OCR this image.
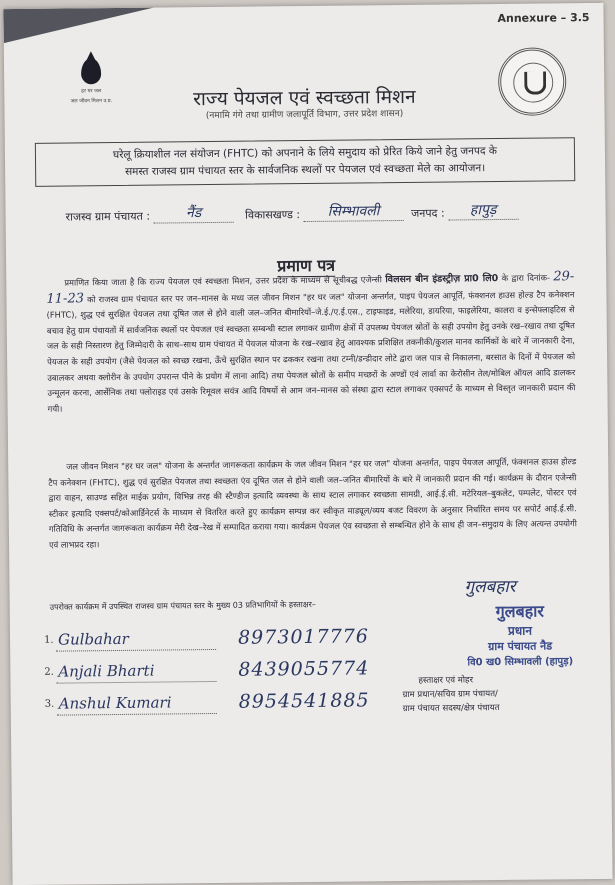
Annexure – 3.5
हर घर जल
जल जीवन मिशन उ.प्र.	राज्य पेयजल एवं स्वच्छता मिशन
(नमामि गंगे तथा ग्रामीण जलापूर्ति विभाग, उत्तर प्रदेश शासन)
घरेलू क्रियाशील नल संयोजन (FHTC) को अपनाने के लिये समुदाय को प्रेरित किये जाने हेतु जनपद के
समस्त राजस्व ग्राम पंचायत स्तर के सार्वजनिक स्थलों पर पेयजल एवं स्वच्छता मेले का आयोजन।
राजस्व ग्राम पंचायत :	नैंड	विकासखण्ड : सिम्भावली	जनपद : हापुड़
प्रमाण पत्र
प्रमाणित किया जाता है कि राज्य पेयजल एवं स्वच्छता मिशन, उत्तर प्रदेश के माध्यम से सूचीबद्ध एजेन्सी विलसन बीन इंडस्ट्रीज़ प्रा0 लि0 के द्वारा दिनांक- 29-11-23 को राजस्व ग्राम पंचायत स्तर पर जन–मानस के मध्य जल जीवन मिशन "हर घर जल" योजना अन्तर्गत, पाइप पेयजल आपूर्ति, फंक्शनल हाउस होल्ड टैप कनेक्शन (FHTC), शुद्ध एवं सुरक्षित पेयजल तथा दूषित जल से होने वाली जल–जनित बीमारियों–जे.ई./ए.ई.एस., टाइफाइड, मलेरिया, डायरिया, फाइलेरिया, कालरा व इन्सेफ्लाइटिस से बचाव हेतु ग्राम पंचायतों में सार्वजनिक स्थलों पर पेयजल एवं स्वच्छता सम्बन्धी स्टाल लगाकर ग्रामीण क्षेत्रों में उपलब्ध पेयजल स्रोतों के सही उपयोग हेतु उनके रख–रखाव तथा दूषित जल के सही निस्तारण हेतु जिम्मेदारी के साथ–साथ ग्राम पंचायत में पेयजल योजना के रख–रखाव हेतु आवश्यक प्रशिक्षित तकनीकी/कुशल मानव कार्मिकों के बारे में जानकारी देना, पेयजल के सही उपयोग (जैसे पेयजल को स्वच्छ रखना, ऊँचे सुरक्षित स्थान पर ढककर रखना तथा टम्नी/डन्डीदार लोटे द्वारा जल पात्र से निकालना, बरसात के दिनों में पेयजल को उबालकर अथवा क्लोरीन के उपयोग उपरान्त पीने के प्रयोग में लाना आदि) तथा पेयजल स्रोतों के समीप मच्छरों के अण्डों एवं लार्वा का केरोसीन तेल/मोबिल ऑयल आदि डालकर उन्मूलन करना, आर्सेनिक तथा फ्लोराइड एवं उसके रिमूवल सयंत्र आदि विषयों से आम जन–मानस को संस्था द्वारा स्टाल लगाकर एक्सपर्ट के माध्यम से विस्तृत जानकारी प्रदान की गयी।
जल जीवन मिशन "हर घर जल" योजना के अन्तर्गत जागरूकता कार्यक्रम के जल जीवन मिशन "हर घर जल" योजना अन्तर्गत, पाइप पेयजल आपूर्ति, फंक्शनल हाउस होल्ड टैप कनेक्शन (FHTC), शुद्ध एवं सुरक्षित पेयजल तथा स्वच्छता एंव दूषित जल से होने वाली जल–जनित बीमारियों के बारे में जानकारी प्रदान की गई। कार्यक्रम के दौरान एजेन्सी द्वारा वाहन, साउण्ड सहित माईक प्रयोग, विभिन्न तरह की स्टैण्डीज इत्यादि व्यवस्था के साथ स्टाल लगाकर स्वच्छता सामग्री, आई.ई.सी. मटेरियल–बुकलेट, पम्पलेट, पोस्टर एवं स्टीकर इत्यादि एक्सपर्ट/कोआर्डिनेटर्स के माध्यम से वितरित करते हुए कार्यक्रम सम्पन्न कर स्वीकृत माड्यूल/व्यय बजट विवरण के अनुसार निर्धारित समय पर सपोर्ट आई.ई.सी. गतिविधि के अन्तर्गत जागरूकता कार्यक्रम मेरी देख–रेख में सम्पादित कराया गया। कार्यक्रम पेयजल एंव स्वच्छता से सम्बन्धित होने के साथ ही जन–समुदाय के लिए अत्यन्त उपयोगी एवं लाभप्रद रहा।
उपरोक्त कार्यक्रम में उपस्थित राजस्व ग्राम पंचायत स्तर के मुख्य 03 प्रतिभागियों के हस्ताक्षर–
1. Gulbahar	8973017776
2. Anjali Bharti	8439055774
3. Anshul Kumari	8954541885
गुलबहार
गुलबहार
प्रधान
ग्राम पंचायत नैड
वि0 ख0 सिम्भावली (हापुड़)
हस्ताक्षर एवं मोहर
ग्राम प्रधान/सचिव ग्राम पंचायत/
ग्राम पंचायत सदस्य/क्षेत्र पंचायत
